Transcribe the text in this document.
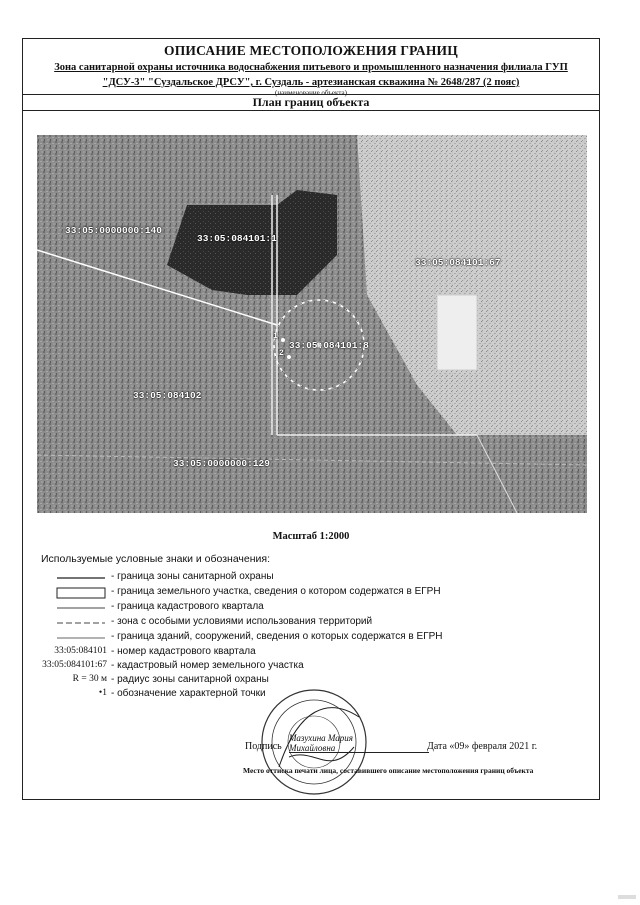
ОПИСАНИЕ МЕСТОПОЛОЖЕНИЯ ГРАНИЦ
Зона санитарной охраны источника водоснабжения питьевого и промышленного назначения филиала ГУП
"ДСУ-3" "Суздальское ДРСУ", г. Суздаль - артезианская скважина № 2648/287 (2 пояс)
(наименование объекта)
План границ объекта
33:05:0000000:140
33:05:084101:1
33:05:084101:67
33:05:084101:8
33:05:084102
33:05:0000000:129
1
2
Масштаб 1:2000
Используемые условные знаки и обозначения:
- граница зоны санитарной охраны
- граница земельного участка, сведения о котором содержатся в ЕГРН
- граница кадастрового квартала
- зона с особыми условиями использования территорий
- граница зданий, сооружений, сведения о которых содержатся в ЕГРН
33:05:084101 - номер кадастрового квартала
33:05:084101:67 - кадастровый номер земельного участка
R = 30 м - радиус зоны санитарной охраны
•1 - обозначение характерной точки
Подпись
Мазухина Мария Михайловна	Дата «09» февраля 2021 г.
Место оттиска печати лица, составившего описание местоположения границ объекта
